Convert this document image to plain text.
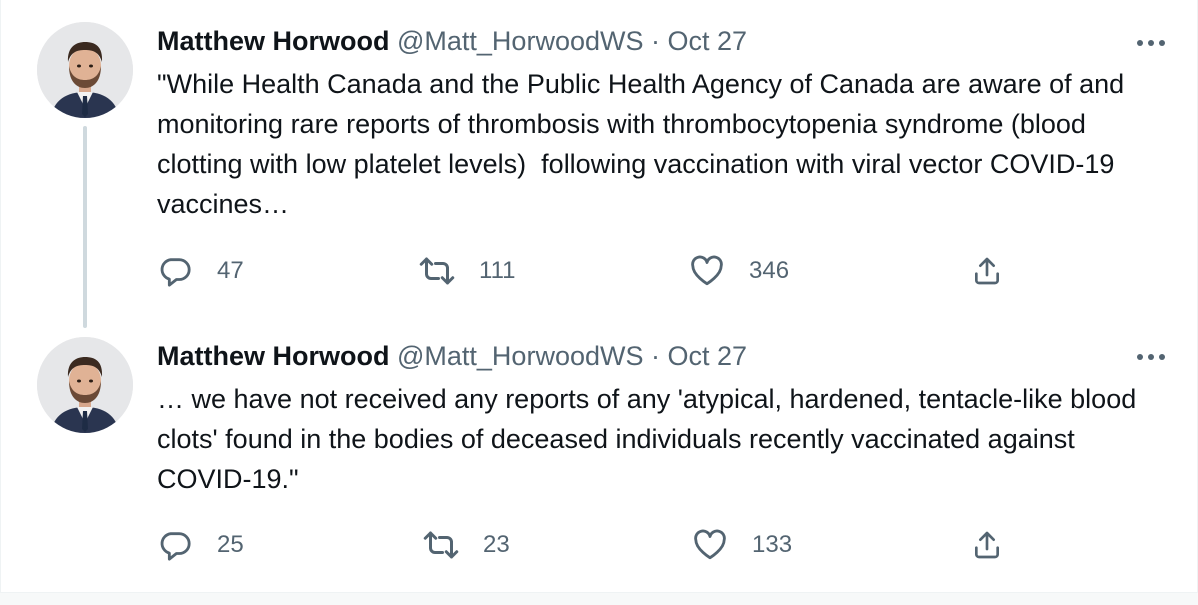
Matthew Horwood @Matt_HorwoodWS · Oct 27
"While Health Canada and the Public Health Agency of Canada are aware of and monitoring rare reports of thrombosis with thrombocytopenia syndrome (blood clotting with low platelet levels)  following vaccination with viral vector COVID-19 vaccines…
47	111	346
Matthew Horwood @Matt_HorwoodWS · Oct 27
… we have not received any reports of any 'atypical, hardened, tentacle-like blood clots' found in the bodies of deceased individuals recently vaccinated against COVID-19."
25	23	133
